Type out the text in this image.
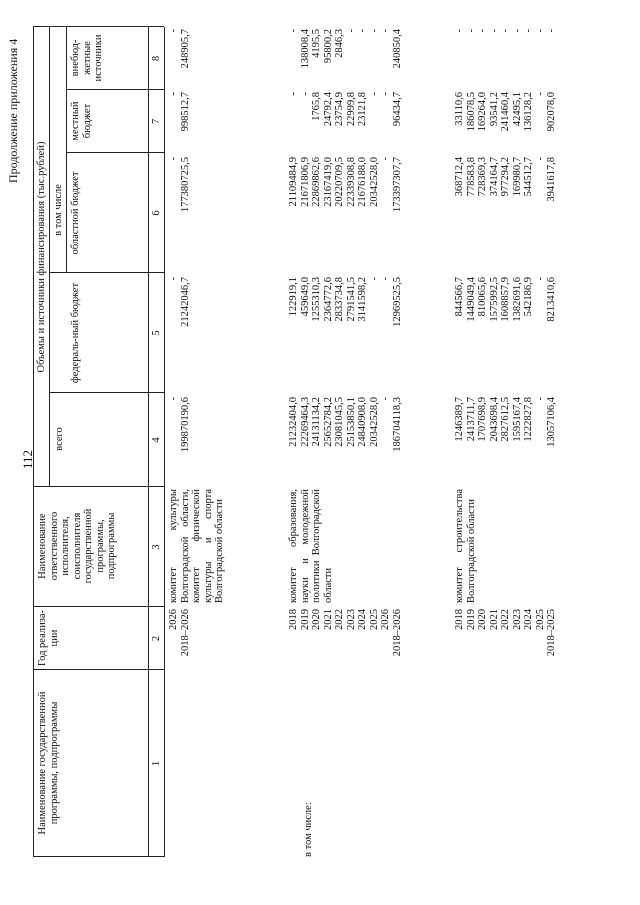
112
Продолжение приложения 4
Наименование государственной программы, подпрограммы
Год реализа-ции
Наименование ответственного исполнителя, соисполнителя государственной программы, подпрограммы
Объемы и источники финансирования (тыс.рублей)
всего
в том числе
федераль-ный бюджет
областной бюджет
местный бюджет
внебюд-жетные источники
1
2
3
4
5
6
7
8
в том числе:
2026 2018–2026
комитет культуры Волгоградской области, комитет физической культуры и спорта Волгоградской области
- 199870190,6
- 21242046,7
- 177380725,5
- 998512,7
- 248905,7
2018 2019 2020 2021 2022 2023 2024 2025 2026 2018–2026
комитет образования, науки и молодежной политики Волгоградской области
21232404,0 22269464,3 24131134,2 25652784,2 23081045,5 25153850,1 24840908,0 20342528,0 - 186704118,3
122919,1 459649,0 1255310,3 2364772,6 2833734,8 2791541,5 3141598,2 - - 12969525,5
21109484,9 21671806,9 22869862,6 23167419,0 20220709,5 22339308,8 21676188,0 20342528,0 - 173397307,7
- - 1765,8 24792,4 23754,9 22999,8 23121,8 - - 96434,7
- 138008,4 4195,5 95800,2 2846,3 - - - - 240850,4
2018 2019 2020 2021 2022 2023 2024 2025 2018–2025
комитет строительства Волгоградской области
1246389,7 2413711,7 1707698,9 2043698,4 2827612,5 1595167,4 1222827,8 - 13057106,4
844566,7 1449049,4 810065,6 1575992,5 1608857,9 1382691,6 542186,9 - 8213410,6
368712,4 778583,8 728369,3 374164,7 977294,2 169980,7 544512,7 - 3941617,8
33110,6 186078,5 169264,0 93541,2 241460,4 42495,1 136128,2 - 902078,0
- - - - - - - - -
